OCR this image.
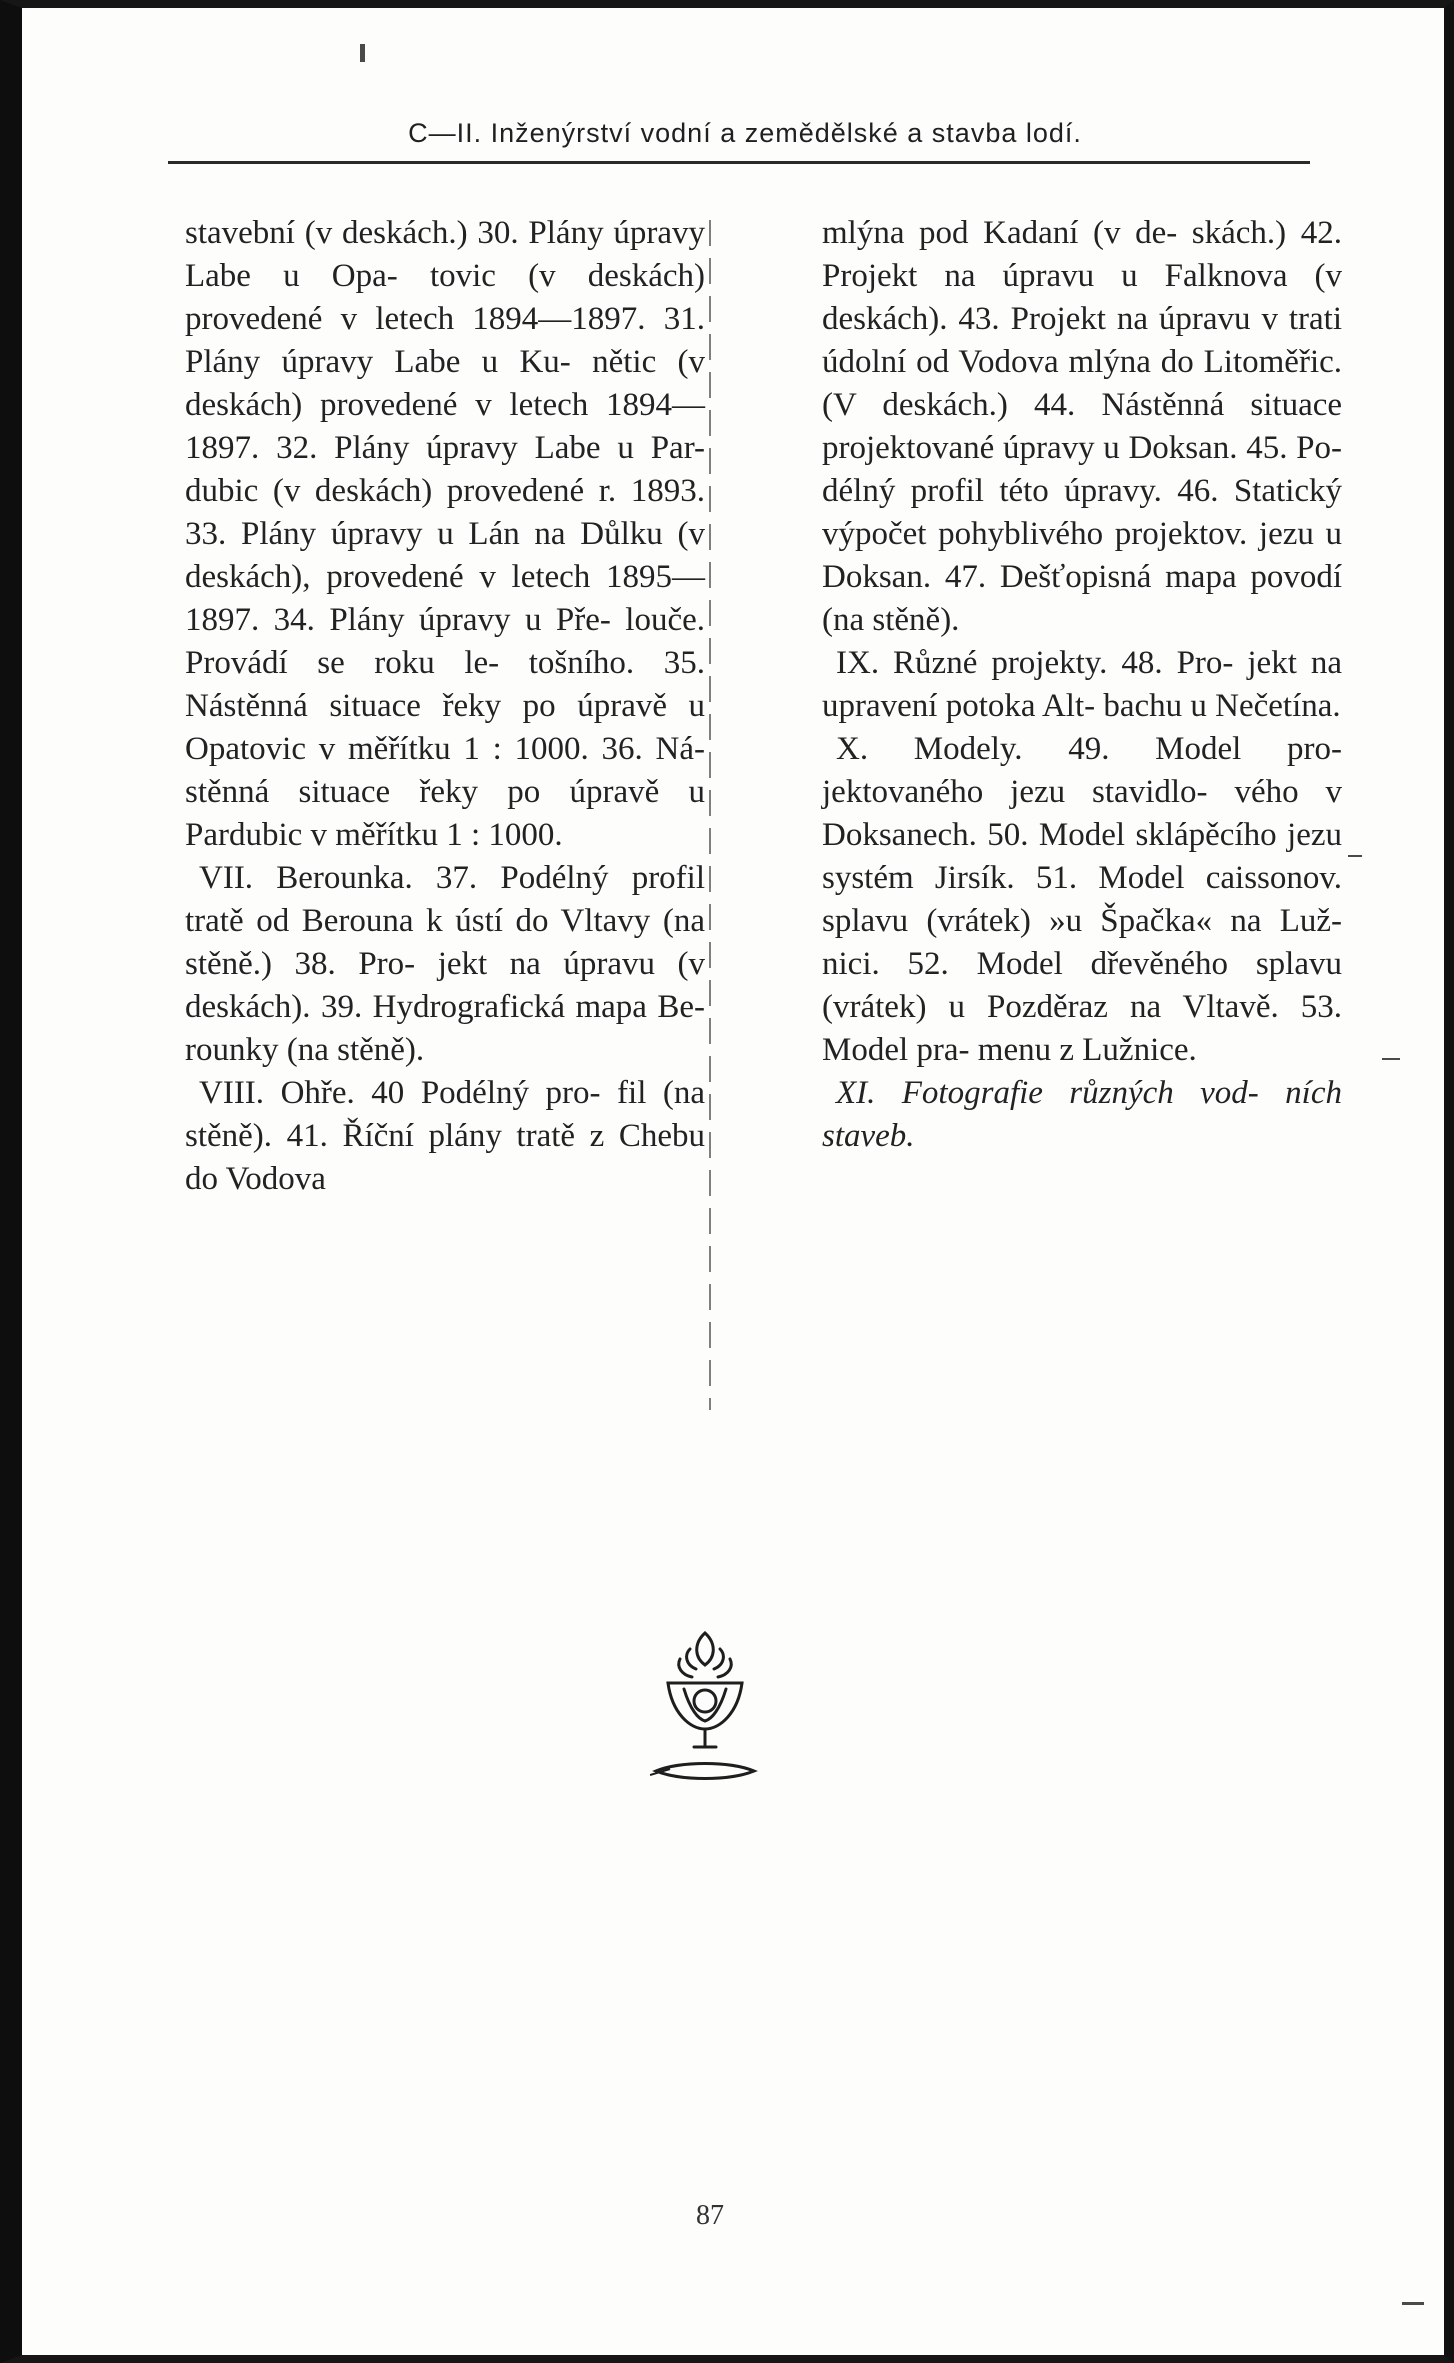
C—II. Inženýrství vodní a zemědělské a stavba lodí.

stavební (v deskách.) 30. Plány úpravy Labe u Opa- tovic (v deskách) provedené v letech 1894—1897. 31. Plány úpravy Labe u Ku- nětic (v deskách) provedené v letech 1894—1897. 32. Plány úpravy Labe u Par- dubic (v deskách) provedené r. 1893. 33. Plány úpravy u Lán na Důlku (v deskách), provedené v letech 1895— 1897. 34. Plány úpravy u Pře- louče. Provádí se roku le- tošního. 35. Nástěnná situace řeky po úpravě u Opatovic v měřítku 1 : 1000. 36. Ná- stěnná situace řeky po úpravě u Pardubic v měřítku 1 : 1000.

VII. Berounka. 37. Podélný profil tratě od Berouna k ústí do Vltavy (na stěně.) 38. Pro- jekt na úpravu (v deskách). 39. Hydrografická mapa Be- rounky (na stěně).

VIII. Ohře. 40 Podélný pro- fil (na stěně). 41. Říční plány tratě z Chebu do Vodova

mlýna pod Kadaní (v de- skách.) 42. Projekt na úpravu u Falknova (v deskách). 43. Projekt na úpravu v trati údolní od Vodova mlýna do Litoměřic. (V deskách.) 44. Nástěnná situace projektované úpravy u Doksan. 45. Po- délný profil této úpravy. 46. Statický výpočet pohyblivého projektov. jezu u Doksan. 47. Dešťopisná mapa povodí (na stěně).

IX. Různé projekty. 48. Pro- jekt na upravení potoka Alt- bachu u Nečetína.

X. Modely. 49. Model pro- jektovaného jezu stavidlo- vého v Doksanech. 50. Model sklápěcího jezu systém Jirsík. 51. Model caissonov. splavu (vrátek) »u Špačka« na Luž- nici. 52. Model dřevěného splavu (vrátek) u Pozděraz na Vltavě. 53. Model pra- menu z Lužnice.

XI. Fotografie různých vod- ních staveb.

87
